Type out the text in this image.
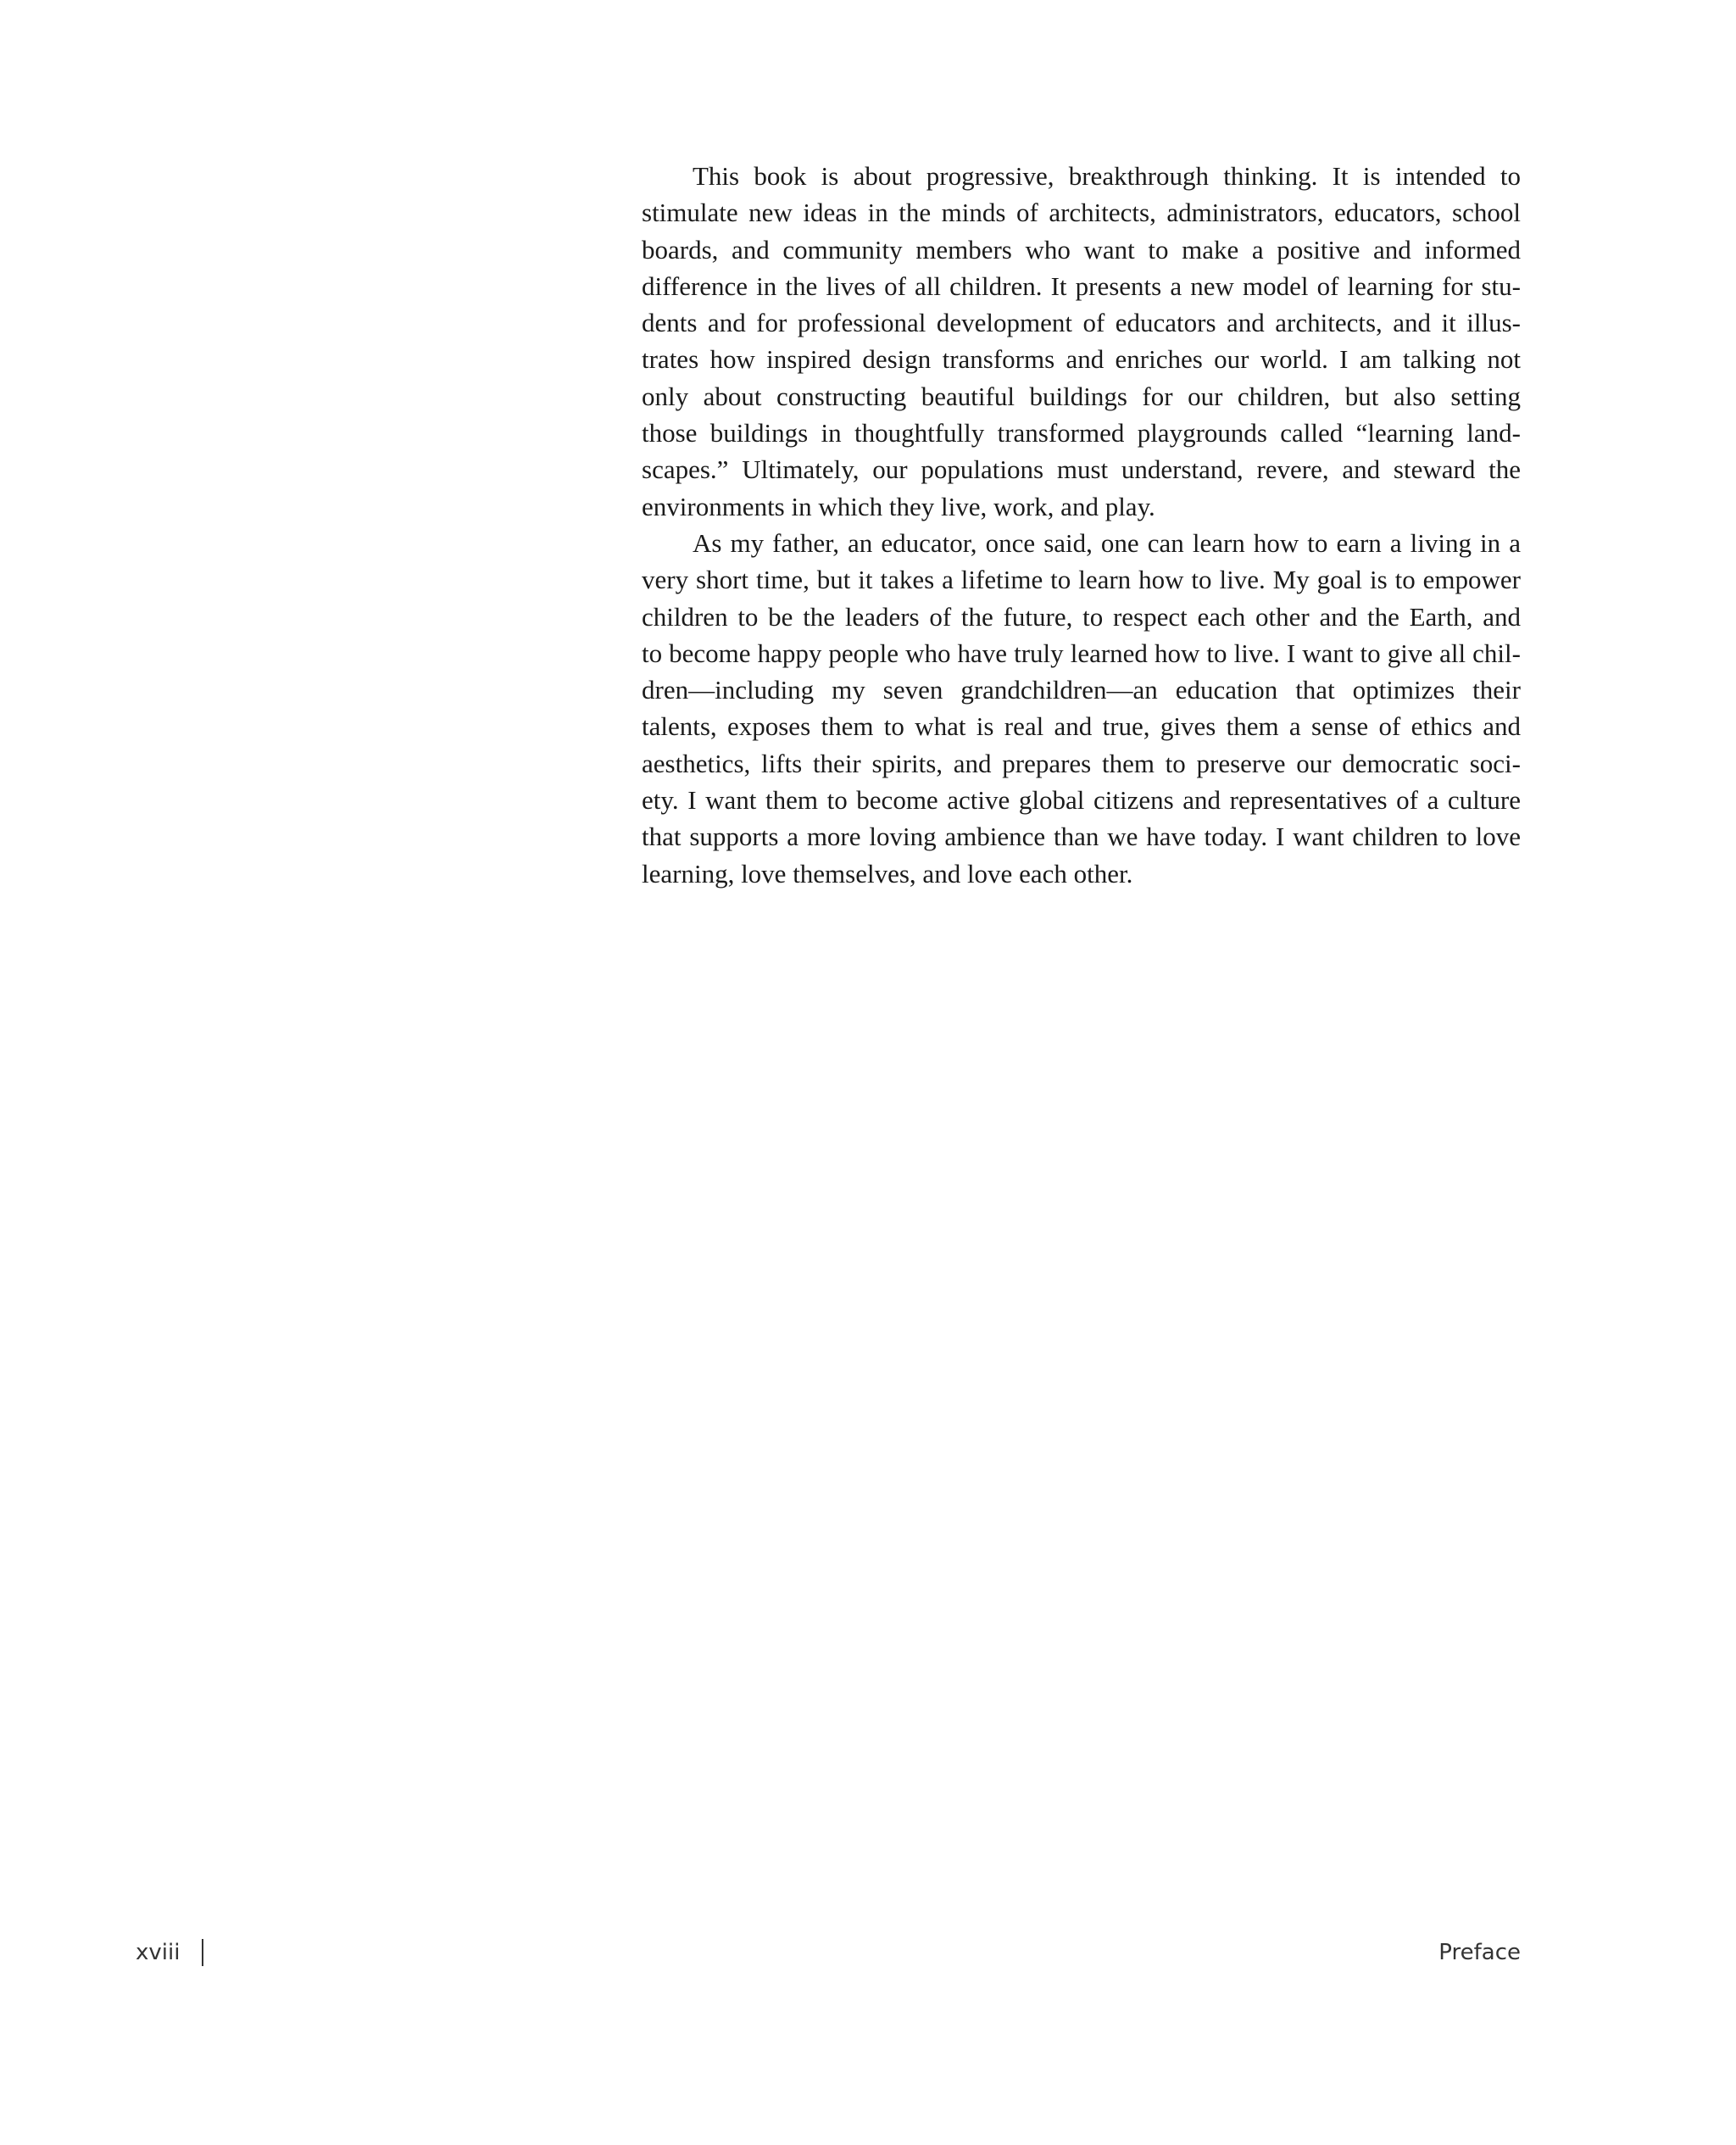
This book is about progressive, breakthrough thinking. It is intended to
stimulate new ideas in the minds of architects, administrators, educators, school
boards, and community members who want to make a positive and informed
difference in the lives of all children. It presents a new model of learning for stu-
dents and for professional development of educators and architects, and it illus-
trates how inspired design transforms and enriches our world. I am talking not
only about constructing beautiful buildings for our children, but also setting
those buildings in thoughtfully transformed playgrounds called “learning land-
scapes.” Ultimately, our populations must understand, revere, and steward the
environments in which they live, work, and play.
As my father, an educator, once said, one can learn how to earn a living in a
very short time, but it takes a lifetime to learn how to live. My goal is to empower
children to be the leaders of the future, to respect each other and the Earth, and
to become happy people who have truly learned how to live. I want to give all chil-
dren—including my seven grandchildren—an education that optimizes their
talents, exposes them to what is real and true, gives them a sense of ethics and
aesthetics, lifts their spirits, and prepares them to preserve our democratic soci-
ety. I want them to become active global citizens and representatives of a culture
that supports a more loving ambience than we have today. I want children to love
learning, love themselves, and love each other.
xviii	Preface
